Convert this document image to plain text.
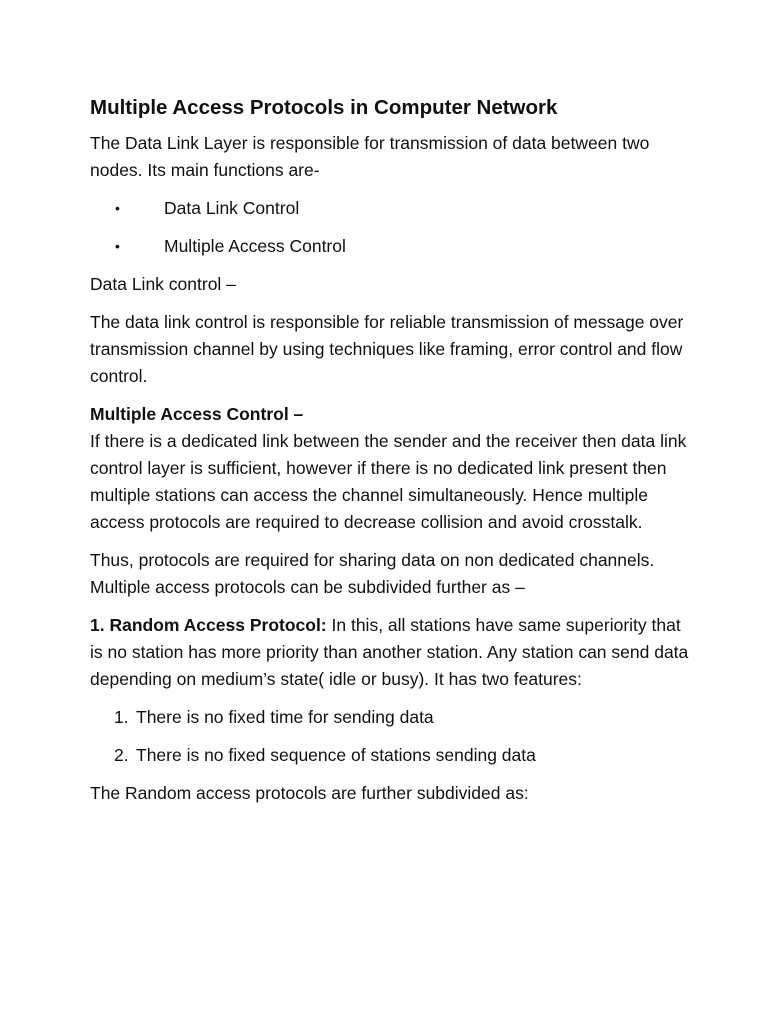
Multiple Access Protocols in Computer Network

The Data Link Layer is responsible for transmission of data between two nodes. Its main functions are-

•	Data Link Control
•	Multiple Access Control

Data Link control –

The data link control is responsible for reliable transmission of message over transmission channel by using techniques like framing, error control and flow control.

Multiple Access Control –
If there is a dedicated link between the sender and the receiver then data link control layer is sufficient, however if there is no dedicated link present then multiple stations can access the channel simultaneously. Hence multiple access protocols are required to decrease collision and avoid crosstalk.

Thus, protocols are required for sharing data on non dedicated channels. Multiple access protocols can be subdivided further as –

1. Random Access Protocol: In this, all stations have same superiority that is no station has more priority than another station. Any station can send data depending on medium’s state( idle or busy). It has two features:

1. There is no fixed time for sending data
2. There is no fixed sequence of stations sending data

The Random access protocols are further subdivided as:
